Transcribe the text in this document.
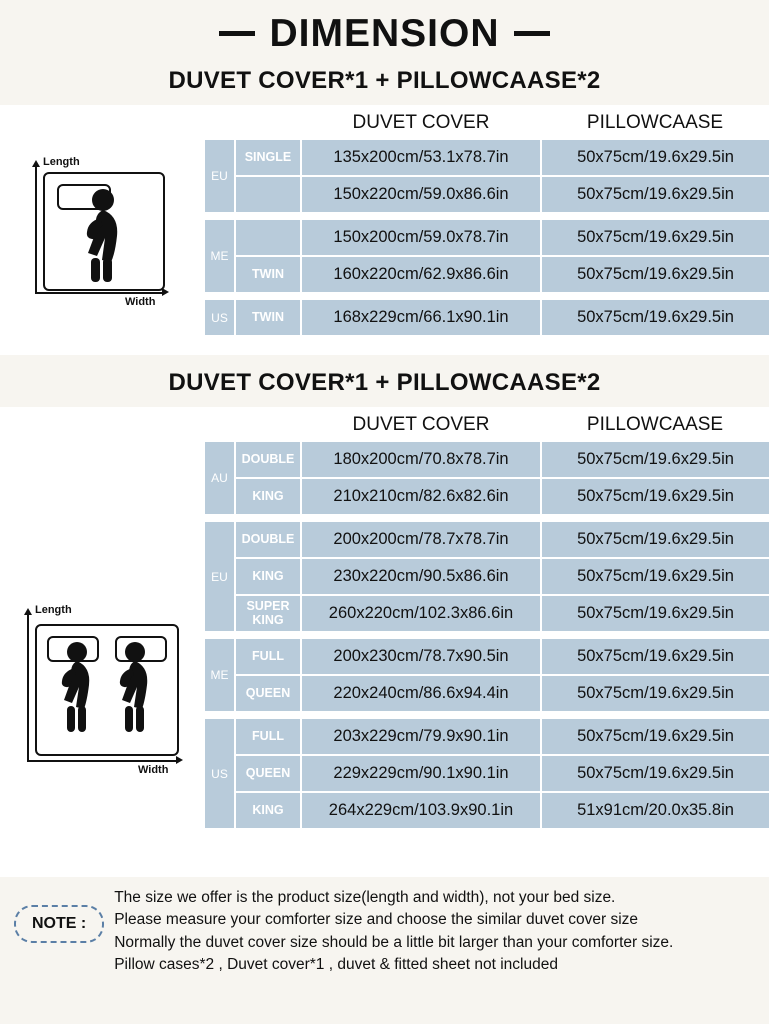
DIMENSION
DUVET COVER*1 + PILLOWCAASE*2
Length
Width
		DUVET COVER	PILLOWCAASE
EU	SINGLE	135x200cm/53.1x78.7in	50x75cm/19.6x29.5in
		150x220cm/59.0x86.6in	50x75cm/19.6x29.5in

ME		150x200cm/59.0x78.7in	50x75cm/19.6x29.5in
	TWIN	160x220cm/62.9x86.6in	50x75cm/19.6x29.5in

US	TWIN	168x229cm/66.1x90.1in	50x75cm/19.6x29.5in
DUVET COVER*1 + PILLOWCAASE*2
Length
Width
		DUVET COVER	PILLOWCAASE
AU	DOUBLE	180x200cm/70.8x78.7in	50x75cm/19.6x29.5in
	KING	210x210cm/82.6x82.6in	50x75cm/19.6x29.5in

EU	DOUBLE	200x200cm/78.7x78.7in	50x75cm/19.6x29.5in
	KING	230x220cm/90.5x86.6in	50x75cm/19.6x29.5in
	SUPER KING	260x220cm/102.3x86.6in	50x75cm/19.6x29.5in

ME	FULL	200x230cm/78.7x90.5in	50x75cm/19.6x29.5in
	QUEEN	220x240cm/86.6x94.4in	50x75cm/19.6x29.5in

US	FULL	203x229cm/79.9x90.1in	50x75cm/19.6x29.5in
	QUEEN	229x229cm/90.1x90.1in	50x75cm/19.6x29.5in
	KING	264x229cm/103.9x90.1in	51x91cm/20.0x35.8in
NOTE :
The size we offer is the product size(length and width), not your bed size.
Please measure your comforter size and choose the similar duvet cover size
Normally the duvet cover size should be a little bit larger than your comforter size.
Pillow cases*2 , Duvet cover*1 , duvet & fitted sheet not included
